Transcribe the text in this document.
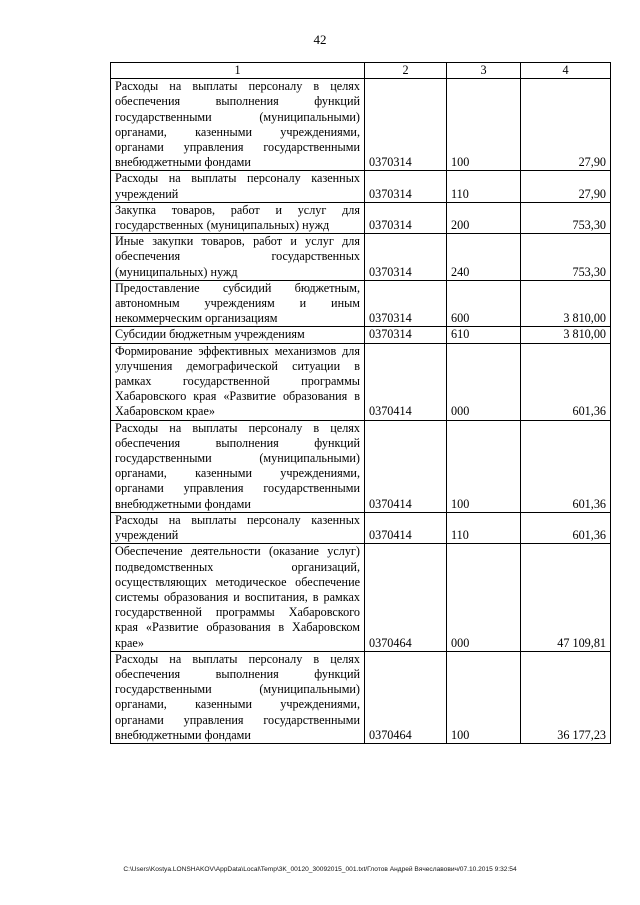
42
1	2	3	4
Расходы на выплаты персоналу в целях обеспечения выполнения функций государственными (муниципальными) органами, казенными учреждениями, органами управления государственными внебюджетными фондами	0370314	100	27,90
Расходы на выплаты персоналу казенных учреждений	0370314	110	27,90
Закупка товаров, работ и услуг для государственных (муниципальных) нужд	0370314	200	753,30
Иные закупки товаров, работ и услуг для обеспечения государственных (муниципальных) нужд	0370314	240	753,30
Предоставление субсидий бюджетным, автономным учреждениям и иным некоммерческим организациям	0370314	600	3 810,00
Субсидии бюджетным учреждениям	0370314	610	3 810,00
Формирование эффективных механизмов для улучшения демографической ситуации в рамках государственной программы Хабаровского края «Развитие образования в Хабаровском крае»	0370414	000	601,36
Расходы на выплаты персоналу в целях обеспечения выполнения функций государственными (муниципальными) органами, казенными учреждениями, органами управления государственными внебюджетными фондами	0370414	100	601,36
Расходы на выплаты персоналу казенных учреждений	0370414	110	601,36
Обеспечение деятельности (оказание услуг) подведомственных организаций, осуществляющих методическое обеспечение системы образования и воспитания, в рамках государственной программы Хабаровского края «Развитие образования в Хабаровском крае»	0370464	000	47 109,81
Расходы на выплаты персоналу в целях обеспечения выполнения функций государственными (муниципальными) органами, казенными учреждениями, органами управления государственными внебюджетными фондами	0370464	100	36 177,23
C:\Users\Kostya.LONSHAKOV\AppData\Local\Temp\3K_00120_30092015_001.txt/Глотов Андрей Вячеславович/07.10.2015 9:32:54
